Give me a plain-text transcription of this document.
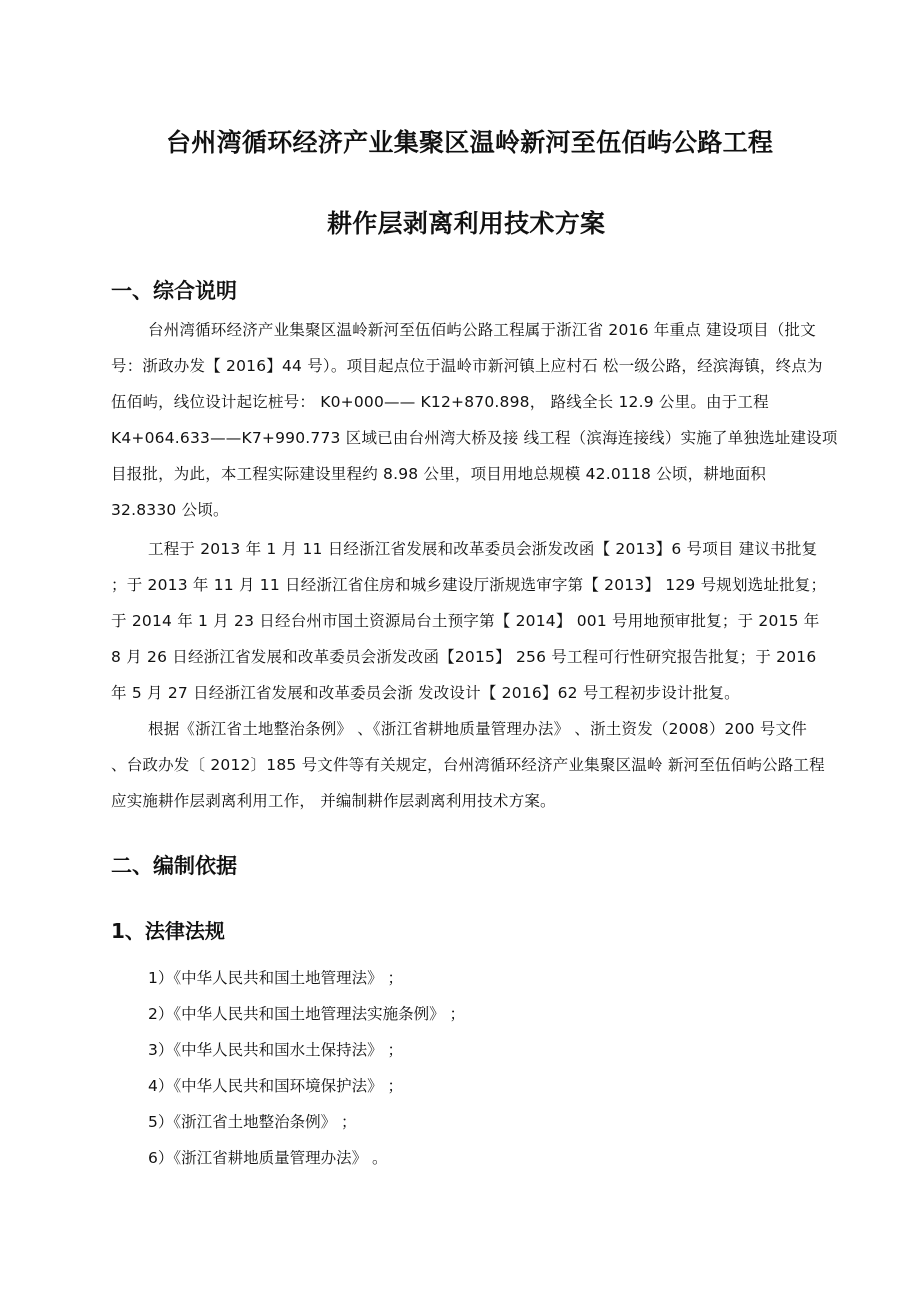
台州湾循环经济产业集聚区温岭新河至伍佰屿公路工程
耕作层剥离利用技术方案
一、综合说明

台州湾循环经济产业集聚区温岭新河至伍佰屿公路工程属于浙江省 2016 年重点 建设项目（批文

号：浙政办发【 2016】44 号）。项目起点位于温岭市新河镇上应村石 松一级公路，经滨海镇，终点为

伍佰屿，线位设计起讫桩号： K0+000—— K12+870.898， 路线全长 12.9 公里。由于工程

K4+064.633——K7+990.773 区域已由台州湾大桥及接 线工程（滨海连接线）实施了单独选址建设项

目报批，为此，本工程实际建设里程约 8.98 公里，项目用地总规模 42.0118 公顷，耕地面积

32.8330 公顷。

工程于 2013 年 1 月 11 日经浙江省发展和改革委员会浙发改函【 2013】6 号项目 建议书批复

；于 2013 年 11 月 11 日经浙江省住房和城乡建设厅浙规选审字第【 2013】 129 号规划选址批复；

于 2014 年 1 月 23 日经台州市国土资源局台土预字第【 2014】 001 号用地预审批复；于 2015 年

8 月 26 日经浙江省发展和改革委员会浙发改函【2015】 256 号工程可行性研究报告批复；于 2016

年 5 月 27 日经浙江省发展和改革委员会浙 发改设计【 2016】62 号工程初步设计批复。

根据《浙江省土地整治条例》 、《浙江省耕地质量管理办法》 、浙土资发（2008）200 号文件

、台政办发〔 2012〕185 号文件等有关规定，台州湾循环经济产业集聚区温岭 新河至伍佰屿公路工程

应实施耕作层剥离利用工作， 并编制耕作层剥离利用技术方案。

二、编制依据
1、法律法规

1）《中华人民共和国土地管理法》 ；

2）《中华人民共和国土地管理法实施条例》 ；

3）《中华人民共和国水土保持法》 ；

4）《中华人民共和国环境保护法》 ；

5）《浙江省土地整治条例》 ；

6）《浙江省耕地质量管理办法》 。
